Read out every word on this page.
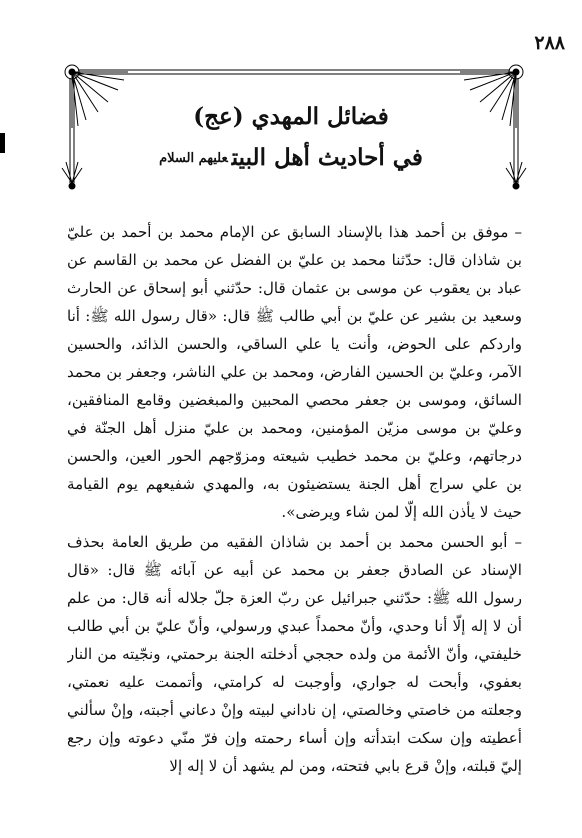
٢٨٨
فضائل المهدي (عج)
في أحاديث أهل البيتعليهم السلام

– موفق بن أحمد هذا بالإسناد السابق عن الإمام محمد بن أحمد بن عليّ بن شاذان قال: حدّثنا محمد بن عليّ بن الفضل عن محمد بن القاسم عن عباد بن يعقوب عن موسى بن عثمان قال: حدّثني أبو إسحاق عن الحارث وسعيد بن بشير عن عليّ بن أبي طالب ﷺ قال: «قال رسول الله ﷺ: أنا واردكم على الحوض، وأنت يا علي الساقي، والحسن الذائد، والحسين الآمر، وعليّ بن الحسين الفارض، ومحمد بن علي الناشر، وجعفر بن محمد السائق، وموسى بن جعفر محصي المحبين والمبغضين وقامع المنافقين، وعليّ بن موسى مزيّن المؤمنين، ومحمد بن عليّ منزل أهل الجنّة في درجاتهم، وعليّ بن محمد خطيب شيعته ومزوّجهم الحور العين، والحسن بن علي سراج أهل الجنة يستضيئون به، والمهدي شفيعهم يوم القيامة حيث لا يأذن الله إلّا لمن شاء ويرضى».

– أبو الحسن محمد بن أحمد بن شاذان الفقيه من طريق العامة بحذف الإسناد عن الصادق جعفر بن محمد عن أبيه عن آبائه ﷺ قال: «قال رسول الله ﷺ: حدّثني جبرائيل عن ربّ العزة جلّ جلاله أنه قال: من علم أن لا إله إلّا أنا وحدي، وأنّ محمداً عبدي ورسولي، وأنّ عليّ بن أبي طالب خليفتي، وأنّ الأئمة من ولده حججي أدخلته الجنة برحمتي، ونجّيته من النار بعفوي، وأبحت له جواري، وأوجبت له كرامتي، وأتممت عليه نعمتي، وجعلته من خاصتي وخالصتي، إن ناداني لبيته وإنْ دعاني أجبته، وإنْ سألني أعطيته وإن سكت ابتدأته وإن أساء رحمته وإن فرّ منّي دعوته وإن رجع إليّ قبلته، وإنْ قرع بابي فتحته، ومن لم يشهد أن لا إله إلا
